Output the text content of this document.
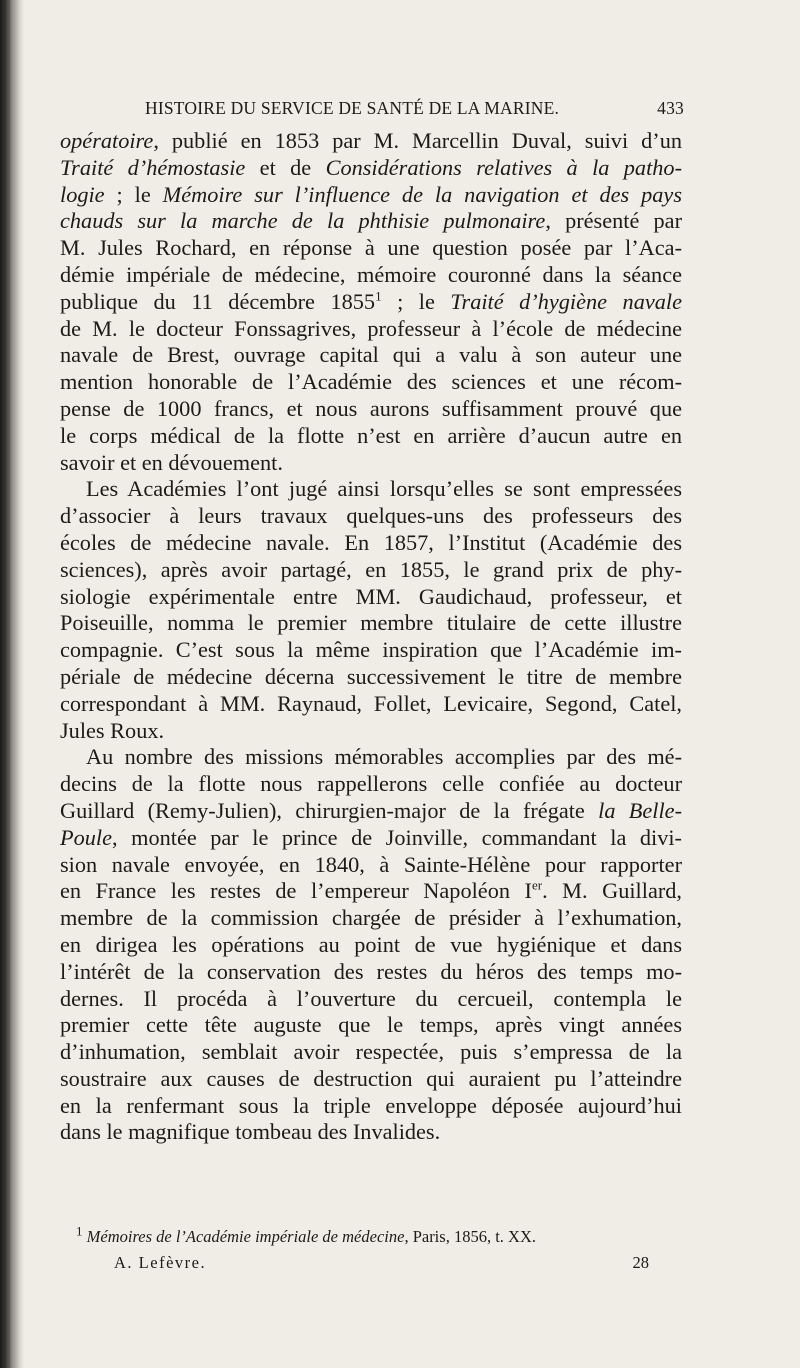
HISTOIRE DU SERVICE DE SANTÉ DE LA MARINE.	433
opératoire, publié en 1853 par M. Marcellin Duval, suivi d’un
Traité d’hémostasie et de Considérations relatives à la patho-
logie ; le Mémoire sur l’influence de la navigation et des pays
chauds sur la marche de la phthisie pulmonaire, présenté par
M. Jules Rochard, en réponse à une question posée par l’Aca-
démie impériale de médecine, mémoire couronné dans la séance
publique du 11 décembre 1855$^1$ ; le Traité d’hygiène navale
de M. le docteur Fonssagrives, professeur à l’école de médecine
navale de Brest, ouvrage capital qui a valu à son auteur une
mention honorable de l’Académie des sciences et une récom-
pense de 1000 francs, et nous aurons suffisamment prouvé que
le corps médical de la flotte n’est en arrière d’aucun autre en
savoir et en dévouement.
Les Académies l’ont jugé ainsi lorsqu’elles se sont empressées
d’associer à leurs travaux quelques-uns des professeurs des
écoles de médecine navale. En 1857, l’Institut (Académie des
sciences), après avoir partagé, en 1855, le grand prix de phy-
siologie expérimentale entre MM. Gaudichaud, professeur, et
Poiseuille, nomma le premier membre titulaire de cette illustre
compagnie. C’est sous la même inspiration que l’Académie im-
périale de médecine décerna successivement le titre de membre
correspondant à MM. Raynaud, Follet, Levicaire, Segond, Catel,
Jules Roux.
Au nombre des missions mémorables accomplies par des mé-
decins de la flotte nous rappellerons celle confiée au docteur
Guillard (Remy-Julien), chirurgien-major de la frégate la Belle-
Poule, montée par le prince de Joinville, commandant la divi-
sion navale envoyée, en 1840, à Sainte-Hélène pour rapporter
en France les restes de l’empereur Napoléon Ier. M. Guillard,
membre de la commission chargée de présider à l’exhumation,
en dirigea les opérations au point de vue hygiénique et dans
l’intérêt de la conservation des restes du héros des temps mo-
dernes. Il procéda à l’ouverture du cercueil, contempla le
premier cette tête auguste que le temps, après vingt années
d’inhumation, semblait avoir respectée, puis s’empressa de la
soustraire aux causes de destruction qui auraient pu l’atteindre
en la renfermant sous la triple enveloppe déposée aujourd’hui
dans le magnifique tombeau des Invalides.
$^1$ Mémoires de l’Académie impériale de médecine, Paris, 1856, t. XX.
A. Lefèvre.	28
